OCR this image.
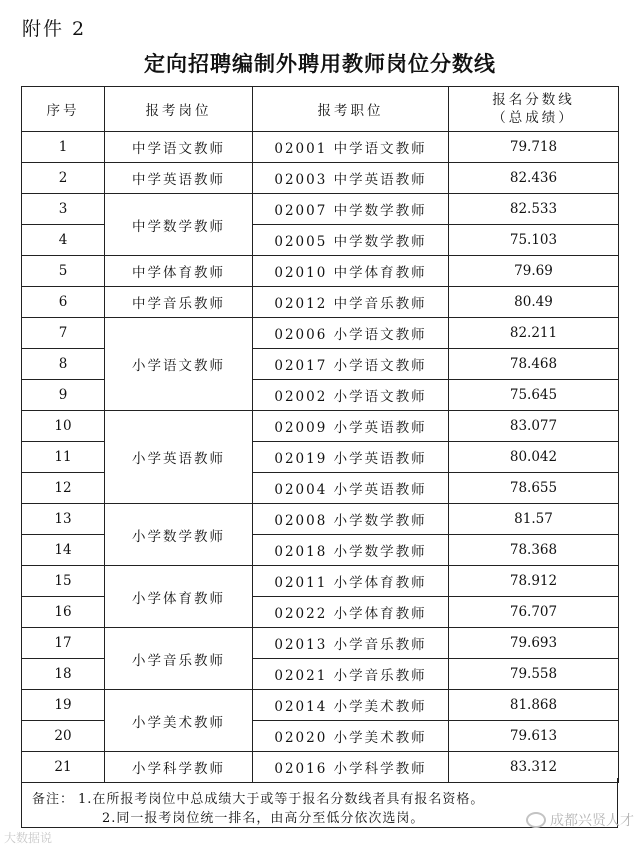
附件 2
定向招聘编制外聘用教师岗位分数线
序号	报考岗位	报考职位	报名分数线
（总成绩）

1	中学语文教师	02001 中学语文教师	79.718
2	中学英语教师	02003 中学英语教师	82.436
3	中学数学教师	02007 中学数学教师	82.533
4		02005 中学数学教师	75.103
5	中学体育教师	02010 中学体育教师	79.69
6	中学音乐教师	02012 中学音乐教师	80.49
7	小学语文教师	02006 小学语文教师	82.211
8		02017 小学语文教师	78.468
9		02002 小学语文教师	75.645
10	小学英语教师	02009 小学英语教师	83.077
11		02019 小学英语教师	80.042
12		02004 小学英语教师	78.655
13	小学数学教师	02008 小学数学教师	81.57
14		02018 小学数学教师	78.368
15	小学体育教师	02011 小学体育教师	78.912
16		02022 小学体育教师	76.707
17	小学音乐教师	02013 小学音乐教师	79.693
18		02021 小学音乐教师	79.558
19	小学美术教师	02014 小学美术教师	81.868
20		02020 小学美术教师	79.613
21	小学科学教师	02016 小学科学教师	83.312
备注： 1.在所报考岗位中总成绩大于或等于报名分数线者具有报名资格。
2.同一报考岗位统一排名，由高分至低分依次选岗。
大数据说
成都兴贤人才
